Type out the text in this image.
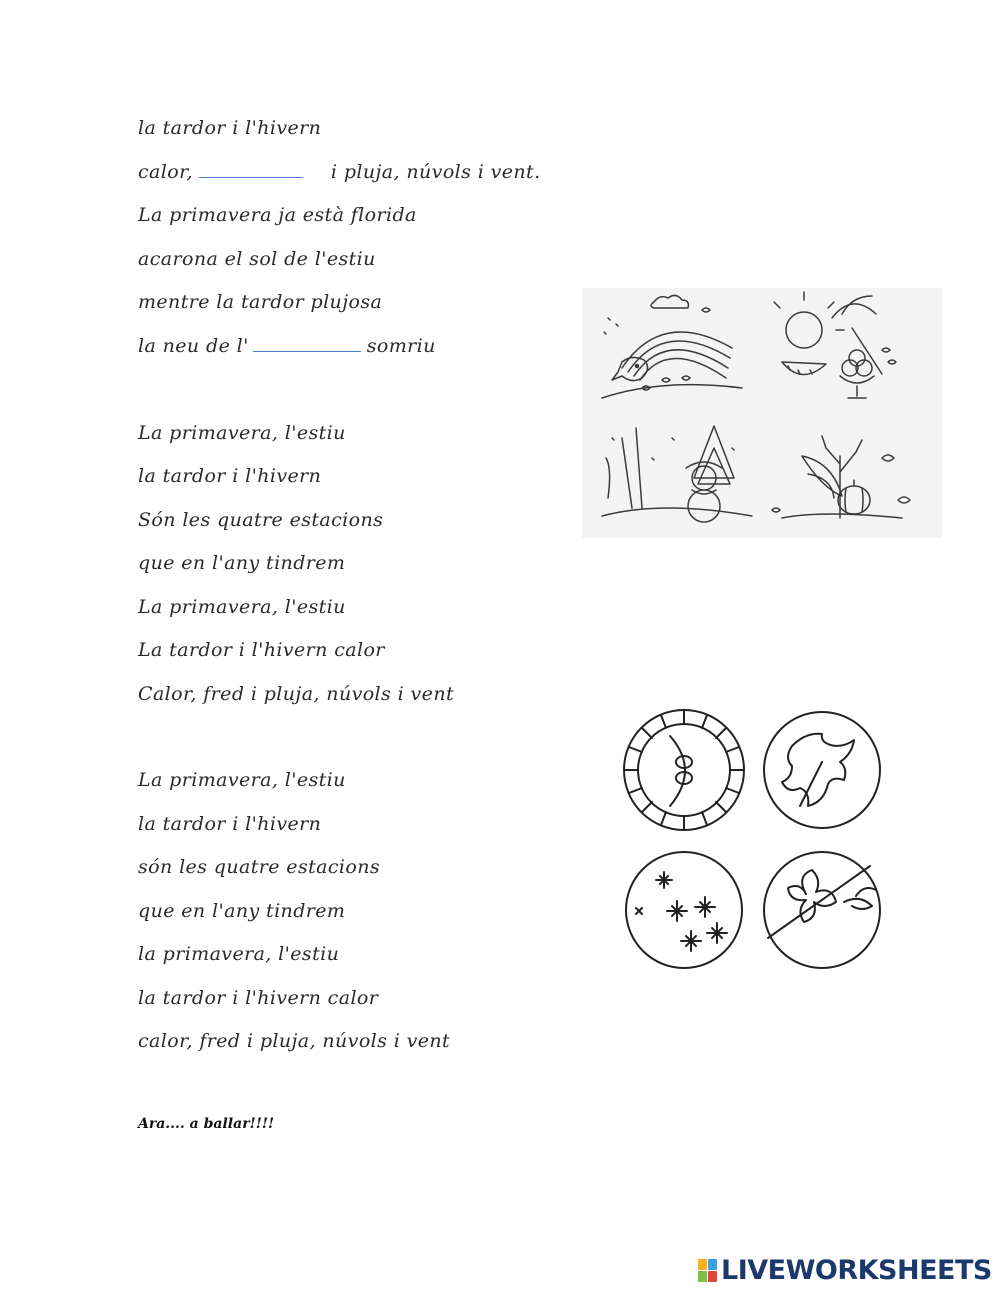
la tardor i l'hivern
calor,	i pluja, núvols i vent.
La primavera ja està florida
acarona el sol de l'estiu
mentre la tardor plujosa
la neu de l'	somriu
La primavera, l'estiu
la tardor i l'hivern
Són les quatre estacions
que en l'any tindrem
La primavera, l'estiu
La tardor i l'hivern calor
Calor, fred i pluja, núvols i vent
La primavera, l'estiu
la tardor i l'hivern
són les quatre estacions
que en l'any tindrem
la primavera, l'estiu
la tardor i l'hivern calor
calor, fred i pluja, núvols i vent
Ara.... a ballar!!!!
LIVEWORKSHEETS
